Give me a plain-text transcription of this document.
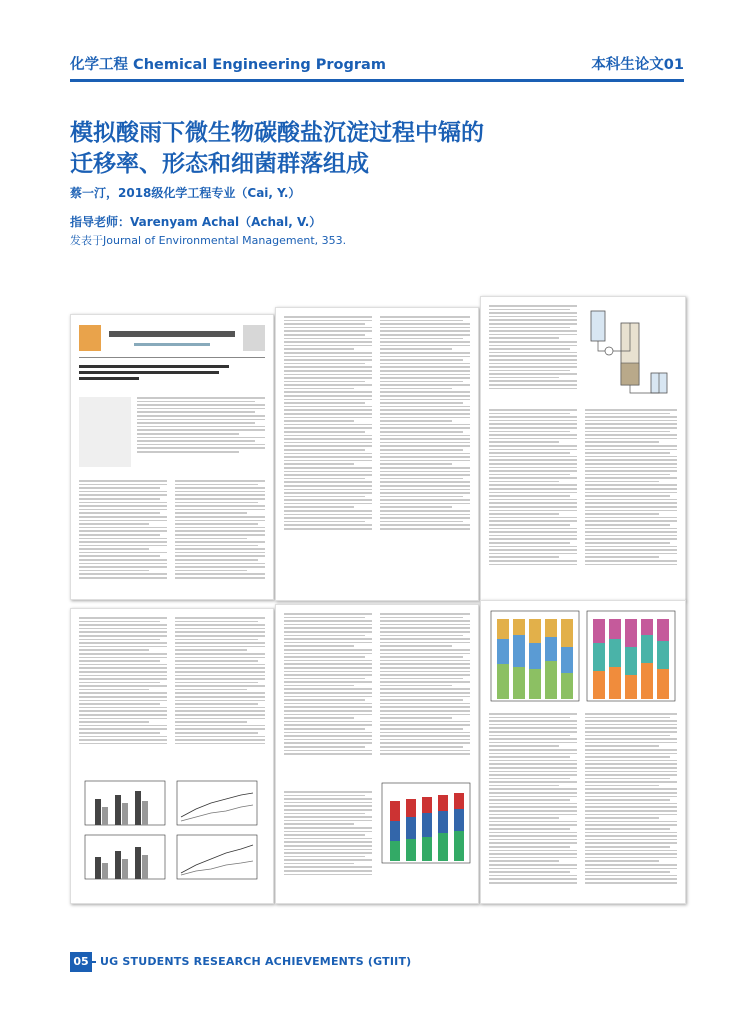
化学工程 Chemical Engineering Program	本科生论文01
模拟酸雨下微生物碳酸盐沉淀过程中镉的
迁移率、形态和细菌群落组成
蔡一汀，2018级化学工程专业（Cai, Y.）
指导老师：Varenyam Achal（Achal, V.）
发表于Journal of Environmental Management, 353.
05	UG STUDENTS RESEARCH ACHIEVEMENTS (GTIIT)
